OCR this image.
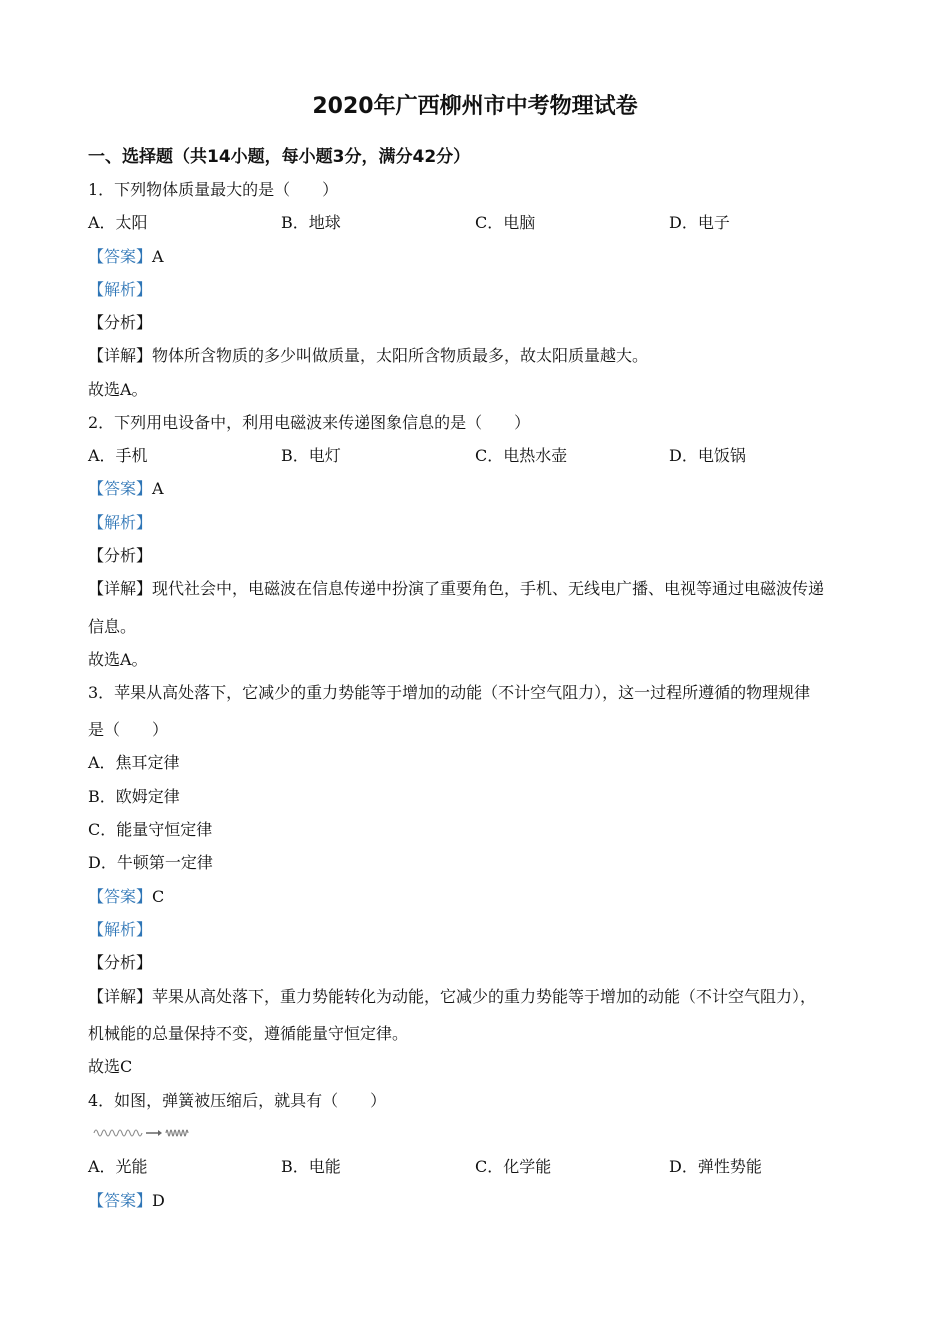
2020年广西柳州市中考物理试卷
一、选择题（共14小题，每小题3分，满分42分）
1．下列物体质量最大的是（　　）
A．太阳	B．地球	C．电脑	D．电子
【答案】A
【解析】
【分析】
【详解】物体所含物质的多少叫做质量，太阳所含物质最多，故太阳质量越大。
故选A。
2．下列用电设备中，利用电磁波来传递图象信息的是（　　）
A．手机	B．电灯	C．电热水壶	D．电饭锅
【答案】A
【解析】
【分析】
【详解】现代社会中，电磁波在信息传递中扮演了重要角色，手机、无线电广播、电视等通过电磁波传递
信息。
故选A。
3．苹果从高处落下，它减少的重力势能等于增加的动能（不计空气阻力），这一过程所遵循的物理规律
是（　　）
A．焦耳定律
B．欧姆定律
C．能量守恒定律
D．牛顿第一定律
【答案】C
【解析】
【分析】
【详解】苹果从高处落下，重力势能转化为动能，它减少的重力势能等于增加的动能（不计空气阻力），
机械能的总量保持不变，遵循能量守恒定律。
故选C
4．如图，弹簧被压缩后，就具有（　　）
A．光能	B．电能	C．化学能	D．弹性势能
【答案】D
